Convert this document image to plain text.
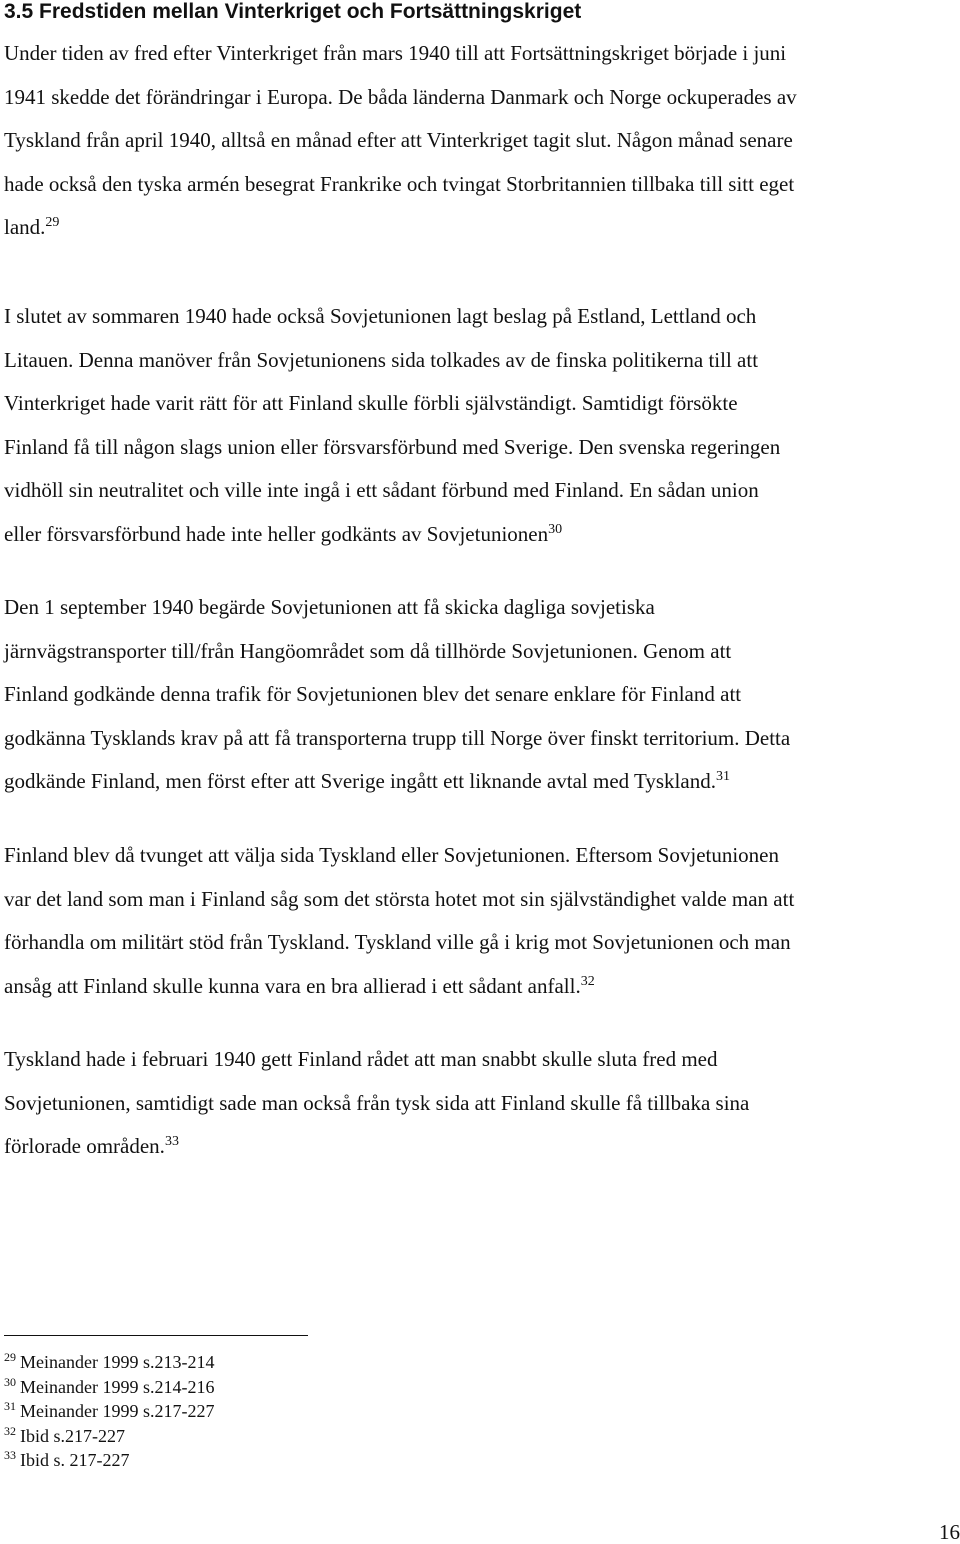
3.5 Fredstiden mellan Vinterkriget och Fortsättningskriget
Under tiden av fred efter Vinterkriget från mars 1940 till att Fortsättningskriget började i juni
1941 skedde det förändringar i Europa. De båda länderna Danmark och Norge ockuperades av
Tyskland från april 1940, alltså en månad efter att Vinterkriget tagit slut. Någon månad senare
hade också den tyska armén besegrat Frankrike och tvingat Storbritannien tillbaka till sitt eget
land.$^{29}$
I slutet av sommaren 1940 hade också Sovjetunionen lagt beslag på Estland, Lettland och
Litauen. Denna manöver från Sovjetunionens sida tolkades av de finska politikerna till att
Vinterkriget hade varit rätt för att Finland skulle förbli självständigt. Samtidigt försökte
Finland få till någon slags union eller försvarsförbund med Sverige. Den svenska regeringen
vidhöll sin neutralitet och ville inte ingå i ett sådant förbund med Finland. En sådan union
eller försvarsförbund hade inte heller godkänts av Sovjetunionen$^{30}$
Den 1 september 1940 begärde Sovjetunionen att få skicka dagliga sovjetiska
järnvägstransporter till/från Hangöområdet som då tillhörde Sovjetunionen. Genom att
Finland godkände denna trafik för Sovjetunionen blev det senare enklare för Finland att
godkänna Tysklands krav på att få transporterna trupp till Norge över finskt territorium. Detta
godkände Finland, men först efter att Sverige ingått ett liknande avtal med Tyskland.$^{31}$
Finland blev då tvunget att välja sida Tyskland eller Sovjetunionen. Eftersom Sovjetunionen
var det land som man i Finland såg som det största hotet mot sin självständighet valde man att
förhandla om militärt stöd från Tyskland. Tyskland ville gå i krig mot Sovjetunionen och man
ansåg att Finland skulle kunna vara en bra allierad i ett sådant anfall.$^{32}$
Tyskland hade i februari 1940 gett Finland rådet att man snabbt skulle sluta fred med
Sovjetunionen, samtidigt sade man också från tysk sida att Finland skulle få tillbaka sina
förlorade områden.$^{33}$
$^{29}$ Meinander 1999 s.213-214
$^{30}$ Meinander 1999 s.214-216
$^{31}$ Meinander 1999 s.217-227
$^{32}$ Ibid s.217-227
$^{33}$ Ibid s. 217-227
16
